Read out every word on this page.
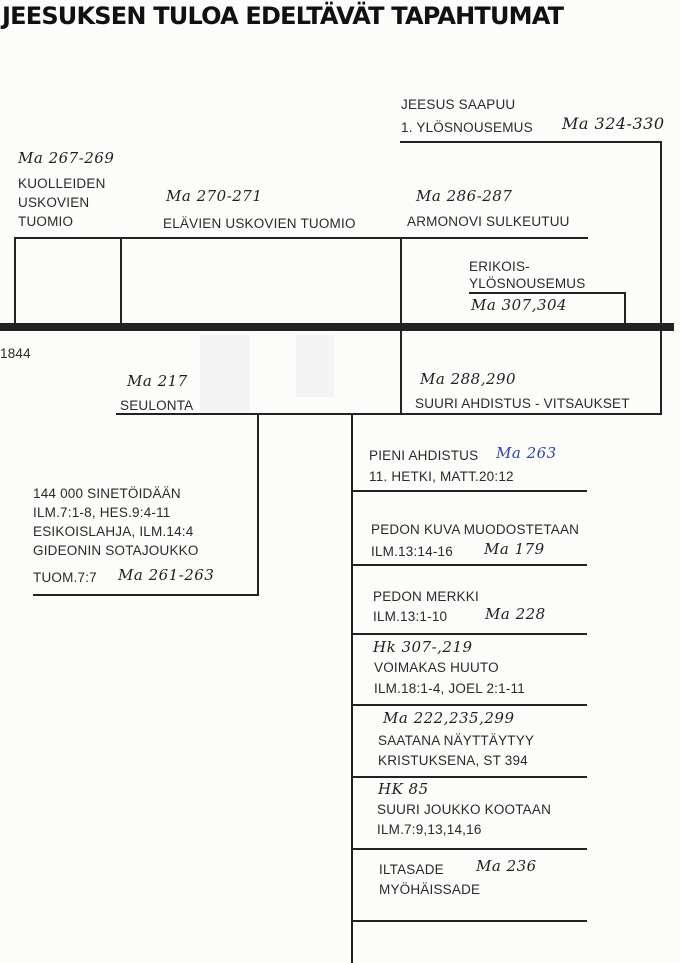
JEESUKSEN TULOA EDELTÄVÄT TAPAHTUMAT
1844
JEESUS SAAPUU
1. YLÖSNOUSEMUS Ma 324-330
Ma 267-269
KUOLLEIDEN
USKOVIEN
TUOMIO
Ma 270-271
ELÄVIEN USKOVIEN TUOMIO
Ma 286-287
ARMONOVI SULKEUTUU
ERIKOIS-
YLÖSNOUSEMUS
Ma 307,304
Ma 217
SEULONTA
Ma 288,290
SUURI AHDISTUS - VITSAUKSET
144 000 SINETÖIDÄÄN
ILM.7:1-8, HES.9:4-11
ESIKOISLAHJA, ILM.14:4
GIDEONIN SOTAJOUKKO
TUOM.7:7 Ma 261-263
PIENI AHDISTUS Ma 263
11. HETKI, MATT.20:12
PEDON KUVA MUODOSTETAAN
ILM.13:14-16 Ma 179
PEDON MERKKI
ILM.13:1-10	Ma 228
Hk 307-,219
VOIMAKAS HUUTO
ILM.18:1-4, JOEL 2:1-11
Ma 222,235,299
SAATANA NÄYTTÄYTYY
KRISTUKSENA, ST 394
HK 85
SUURI JOUKKO KOOTAAN
ILM.7:9,13,14,16
ILTASADE Ma 236
MYÖHÄISSADE
